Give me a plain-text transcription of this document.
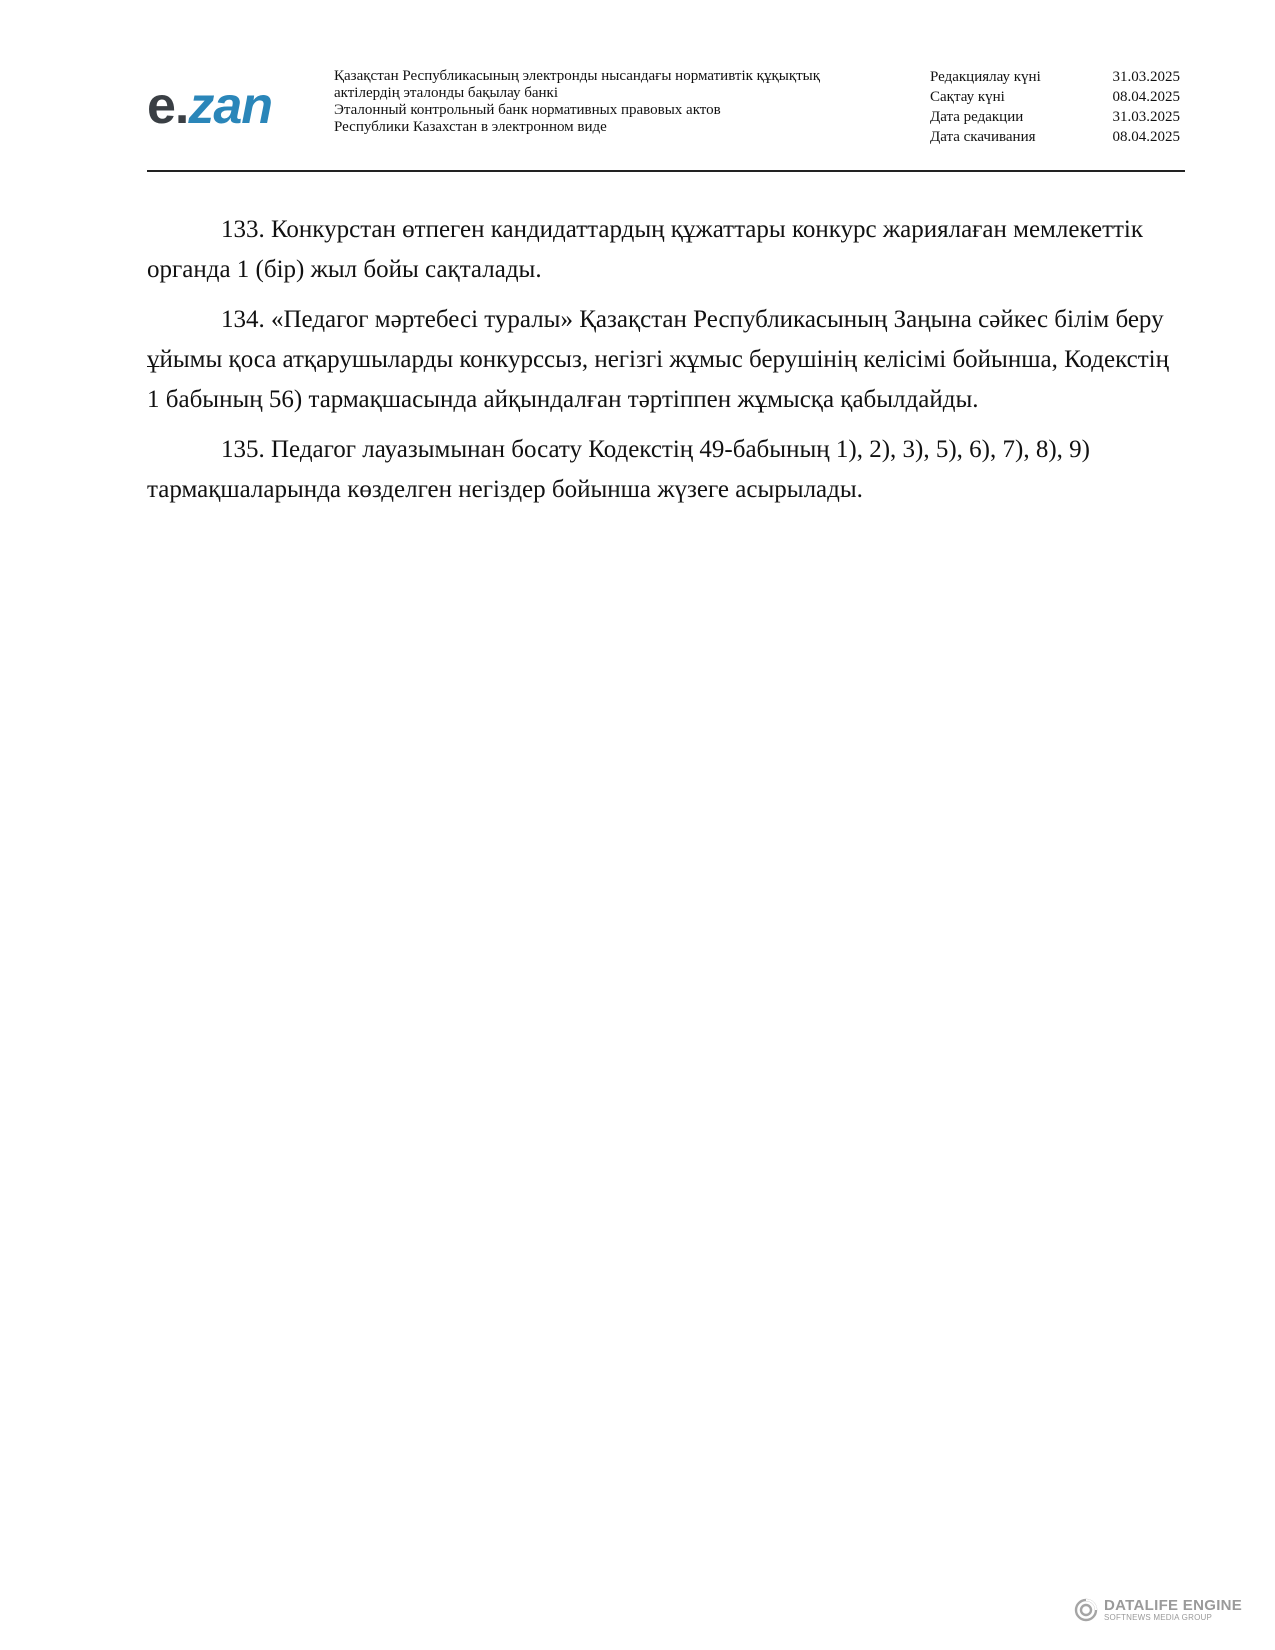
e.zan
Қазақстан Республикасының электронды нысандағы нормативтік құқықтық
актілердің эталонды бақылау банкі
Эталонный контрольный банк нормативных правовых актов
Республики Казахстан в электронном виде
Редакциялау күні	31.03.2025
Сақтау күні	08.04.2025
Дата редакции	31.03.2025
Дата скачивания	08.04.2025

133. Конкурстан өтпеген кандидаттардың құжаттары конкурс жариялаған мемлекеттік органда 1 (бір) жыл бойы сақталады.

134. «Педагог мәртебесі туралы» Қазақстан Республикасының Заңына сәйкес білім беру ұйымы қоса атқарушыларды конкурссыз, негізгі жұмыс берушінің келісімі бойынша, Кодекстің 1 бабының 56) тармақшасында айқындалған тәртіппен жұмысқа қабылдайды.

135. Педагог лауазымынан босату Кодекстің 49-бабының 1), 2), 3), 5), 6), 7), 8), 9) тармақшаларында көзделген негіздер бойынша жүзеге асырылады.

DATALIFE ENGINE
SOFTNEWS MEDIA GROUP
